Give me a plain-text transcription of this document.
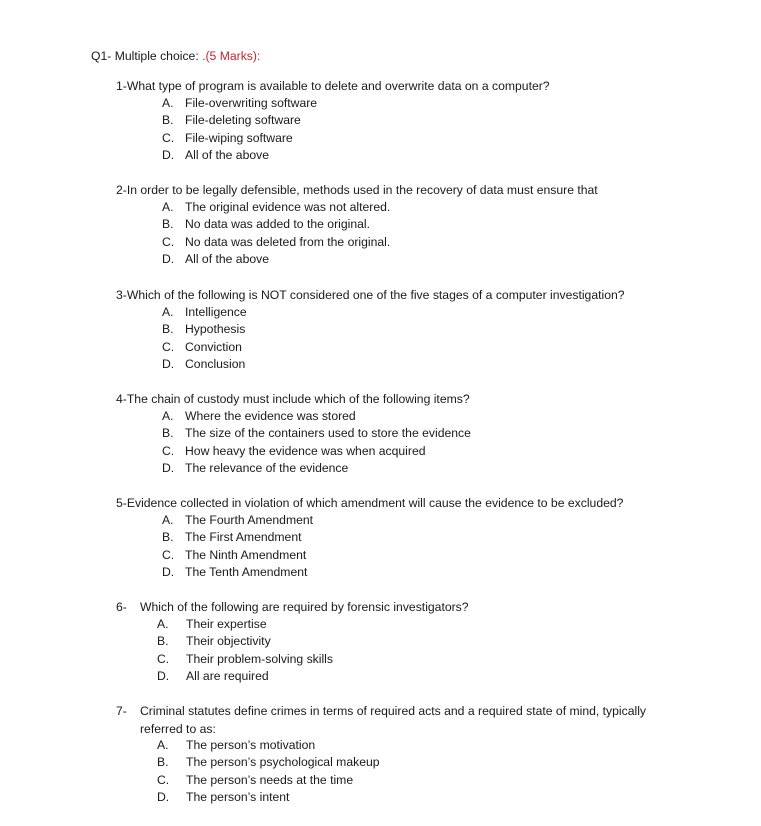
Q1- Multiple choice: .(5 Marks):
1-What type of program is available to delete and overwrite data on a computer?
A. File-overwriting software
B. File-deleting software
C. File-wiping software
D. All of the above
2-In order to be legally defensible, methods used in the recovery of data must ensure that
A. The original evidence was not altered.
B. No data was added to the original.
C. No data was deleted from the original.
D. All of the above
3-Which of the following is NOT considered one of the five stages of a computer investigation?
A. Intelligence
B. Hypothesis
C. Conviction
D. Conclusion
4-The chain of custody must include which of the following items?
A. Where the evidence was stored
B. The size of the containers used to store the evidence
C. How heavy the evidence was when acquired
D. The relevance of the evidence
5-Evidence collected in violation of which amendment will cause the evidence to be excluded?
A. The Fourth Amendment
B. The First Amendment
C. The Ninth Amendment
D. The Tenth Amendment
6- Which of the following are required by forensic investigators?
A. Their expertise
B. Their objectivity
C. Their problem-solving skills
D. All are required
7- Criminal statutes define crimes in terms of required acts and a required state of mind, typically
referred to as:
A. The person’s motivation
B. The person’s psychological makeup
C. The person’s needs at the time
D. The person’s intent
